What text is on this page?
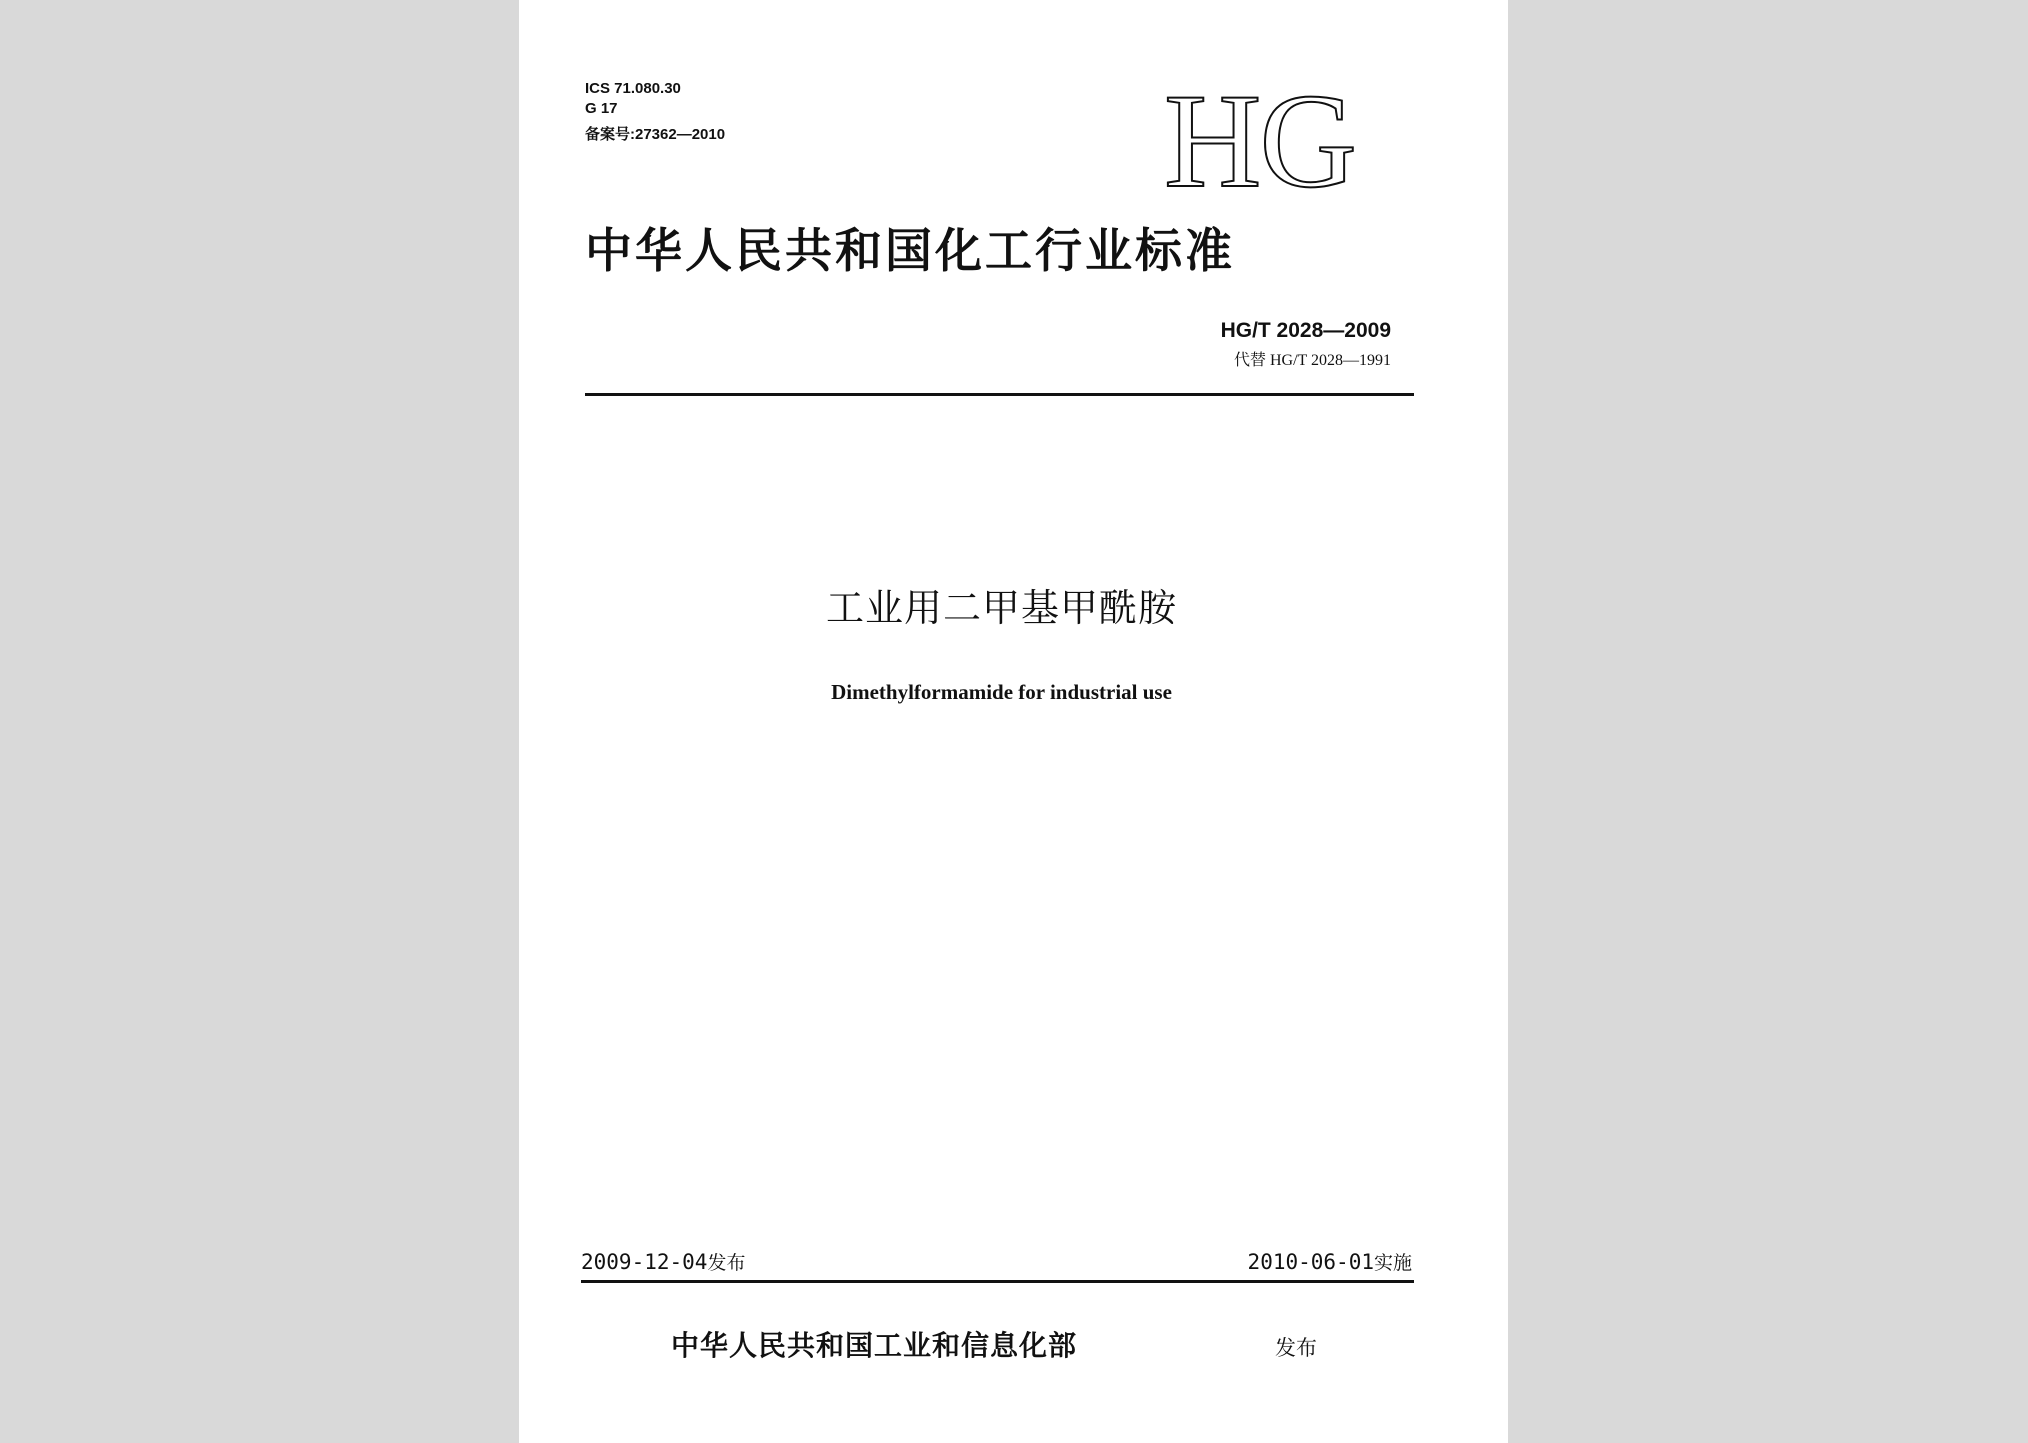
ICS 71.080.30
G 17
备案号:27362—2010	HG
中华人民共和国化工行业标准
HG/T 2028—2009
代替 HG/T 2028—1991
工业用二甲基甲酰胺
Dimethylformamide for industrial use
2009-12-04发布	2010-06-01实施
中华人民共和国工业和信息化部	发布
